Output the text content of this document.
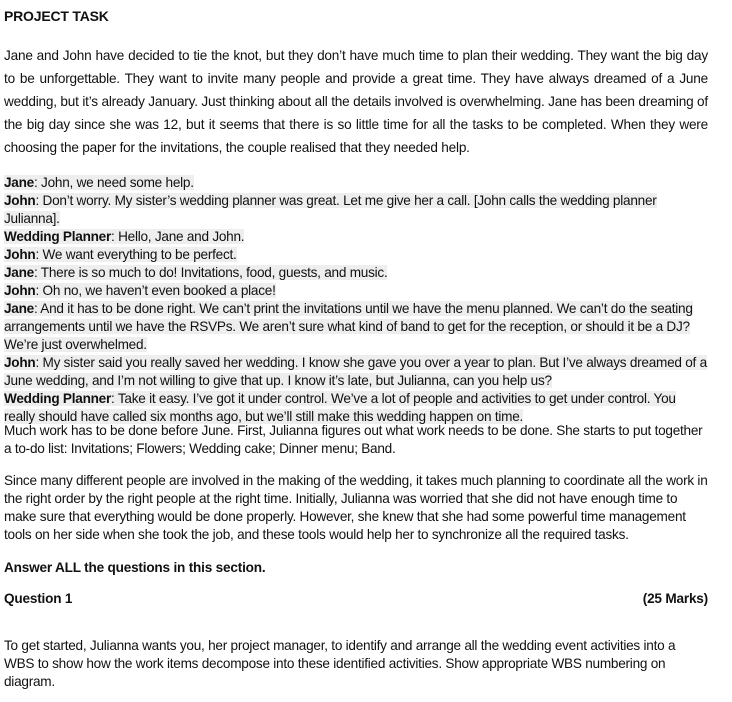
PROJECT TASK

Jane and John have decided to tie the knot, but they don’t have much time to plan their wedding. They want the big day to be unforgettable. They want to invite many people and provide a great time. They have always dreamed of a June wedding, but it’s already January. Just thinking about all the details involved is overwhelming. Jane has been dreaming of the big day since she was 12, but it seems that there is so little time for all the tasks to be completed. When they were choosing the paper for the invitations, the couple realised that they needed help.

Jane: John, we need some help.

John: Don’t worry. My sister’s wedding planner was great. Let me give her a call. [John calls the wedding planner Julianna].

Wedding Planner: Hello, Jane and John.

John: We want everything to be perfect.

Jane: There is so much to do! Invitations, food, guests, and music.

John: Oh no, we haven’t even booked a place!

Jane: And it has to be done right. We can’t print the invitations until we have the menu planned. We can’t do the seating arrangements until we have the RSVPs. We aren’t sure what kind of band to get for the reception, or should it be a DJ? We’re just overwhelmed.

John: My sister said you really saved her wedding. I know she gave you over a year to plan. But I’ve always dreamed of a June wedding, and I’m not willing to give that up. I know it’s late, but Julianna, can you help us?

Wedding Planner: Take it easy. I’ve got it under control. We’ve a lot of people and activities to get under control. You really should have called six months ago, but we’ll still make this wedding happen on time.

Much work has to be done before June. First, Julianna figures out what work needs to be done. She starts to put together a to-do list: Invitations; Flowers; Wedding cake; Dinner menu; Band.

Since many different people are involved in the making of the wedding, it takes much planning to coordinate all the work in the right order by the right people at the right time. Initially, Julianna was worried that she did not have enough time to make sure that everything would be done properly. However, she knew that she had some powerful time management tools on her side when she took the job, and these tools would help her to synchronize all the required tasks.

Answer ALL the questions in this section.
Question 1	(25 Marks)

To get started, Julianna wants you, her project manager, to identify and arrange all the wedding event activities into a WBS to show how the work items decompose into these identified activities. Show appropriate WBS numbering on diagram.
